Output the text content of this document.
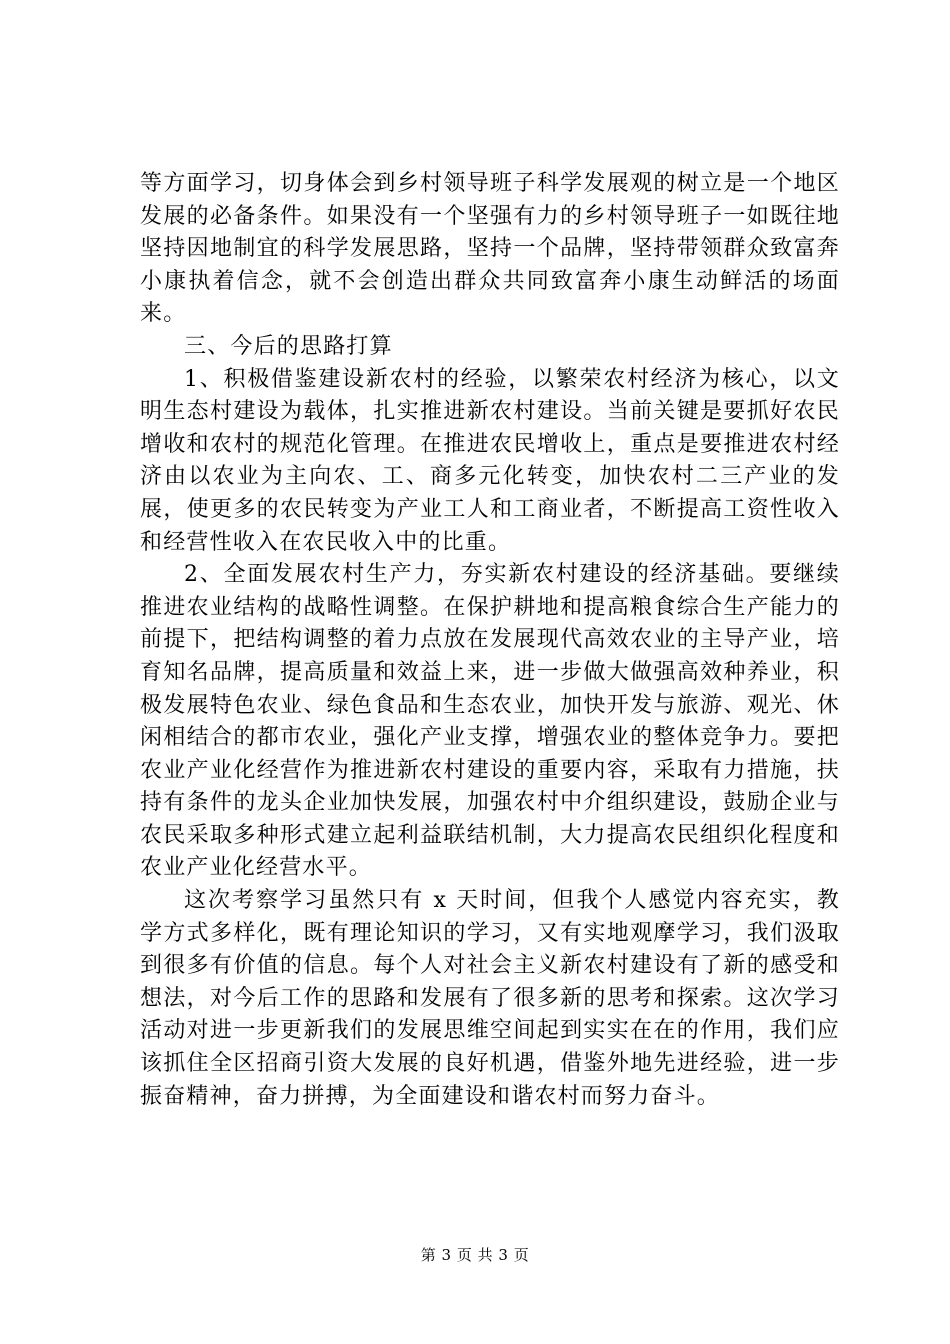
等方面学习，切身体会到乡村领导班子科学发展观的树立是一个地区发展的必备条件。如果没有一个坚强有力的乡村领导班子一如既往地坚持因地制宜的科学发展思路，坚持一个品牌，坚持带领群众致富奔小康执着信念，就不会创造出群众共同致富奔小康生动鲜活的场面来。

三、今后的思路打算

1、积极借鉴建设新农村的经验，以繁荣农村经济为核心，以文明生态村建设为载体，扎实推进新农村建设。当前关键是要抓好农民增收和农村的规范化管理。在推进农民增收上，重点是要推进农村经济由以农业为主向农、工、商多元化转变，加快农村二三产业的发展，使更多的农民转变为产业工人和工商业者，不断提高工资性收入和经营性收入在农民收入中的比重。

2、全面发展农村生产力，夯实新农村建设的经济基础。要继续推进农业结构的战略性调整。在保护耕地和提高粮食综合生产能力的前提下，把结构调整的着力点放在发展现代高效农业的主导产业，培育知名品牌，提高质量和效益上来，进一步做大做强高效种养业，积极发展特色农业、绿色食品和生态农业，加快开发与旅游、观光、休闲相结合的都市农业，强化产业支撑，增强农业的整体竞争力。要把农业产业化经营作为推进新农村建设的重要内容，采取有力措施，扶持有条件的龙头企业加快发展，加强农村中介组织建设，鼓励企业与农民采取多种形式建立起利益联结机制，大力提高农民组织化程度和农业产业化经营水平。

这次考察学习虽然只有 x 天时间，但我个人感觉内容充实，教学方式多样化，既有理论知识的学习，又有实地观摩学习，我们汲取到很多有价值的信息。每个人对社会主义新农村建设有了新的感受和想法，对今后工作的思路和发展有了很多新的思考和探索。这次学习活动对进一步更新我们的发展思维空间起到实实在在的作用，我们应该抓住全区招商引资大发展的良好机遇，借鉴外地先进经验，进一步振奋精神，奋力拼搏，为全面建设和谐农村而努力奋斗。

第 3 页 共 3 页
